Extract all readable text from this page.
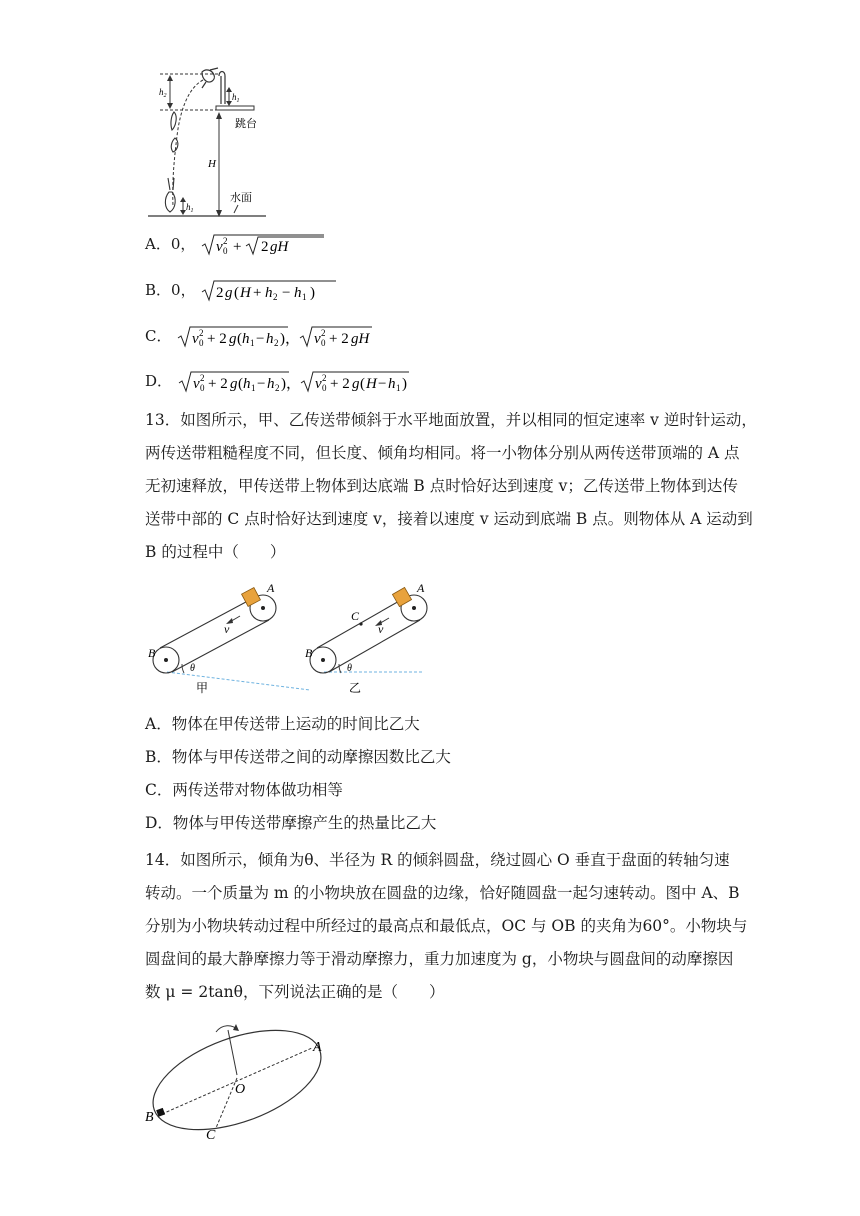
$h_2$	$h_1$
H
跳台
水面
$h_1$
A．0， v 0
2 + 2 gH
B．0， 2 g ( H + h 2 − h 1 )
C． v 0
2 + 2 g ( h 1 − h 2 )， v 0
2 + 2 gH
D． v 0
2 + 2 g ( h 1 − h 2 )， v 0
2 + 2 g ( H − h 1 )
13．如图所示，甲、乙传送带倾斜于水平地面放置，并以相同的恒定速率 v 逆时针运动，
两传送带粗糙程度不同，但长度、倾角均相同。将一小物体分别从两传送带顶端的 A 点
无初速释放，甲传送带上物体到达底端 B 点时恰好达到速度 v；乙传送带上物体到达传
送带中部的 C 点时恰好达到速度 v，接着以速度 v 运动到底端 B 点。则物体从 A 运动到
B 的过程中（　　）
A
B
v
θ
甲
A
B
C
v
θ
乙
A．物体在甲传送带上运动的时间比乙大
B．物体与甲传送带之间的动摩擦因数比乙大
C．两传送带对物体做功相等
D．物体与甲传送带摩擦产生的热量比乙大
14．如图所示，倾角为θ、半径为 R 的倾斜圆盘，绕过圆心 O 垂直于盘面的转轴匀速
转动。一个质量为 m 的小物块放在圆盘的边缘，恰好随圆盘一起匀速转动。图中 A、B
分别为小物块转动过程中所经过的最高点和最低点，OC 与 OB 的夹角为60°。小物块与
圆盘间的最大静摩擦力等于滑动摩擦力，重力加速度为 g，小物块与圆盘间的动摩擦因
数 μ = 2tanθ，下列说法正确的是（　　）
A
B
C
O
